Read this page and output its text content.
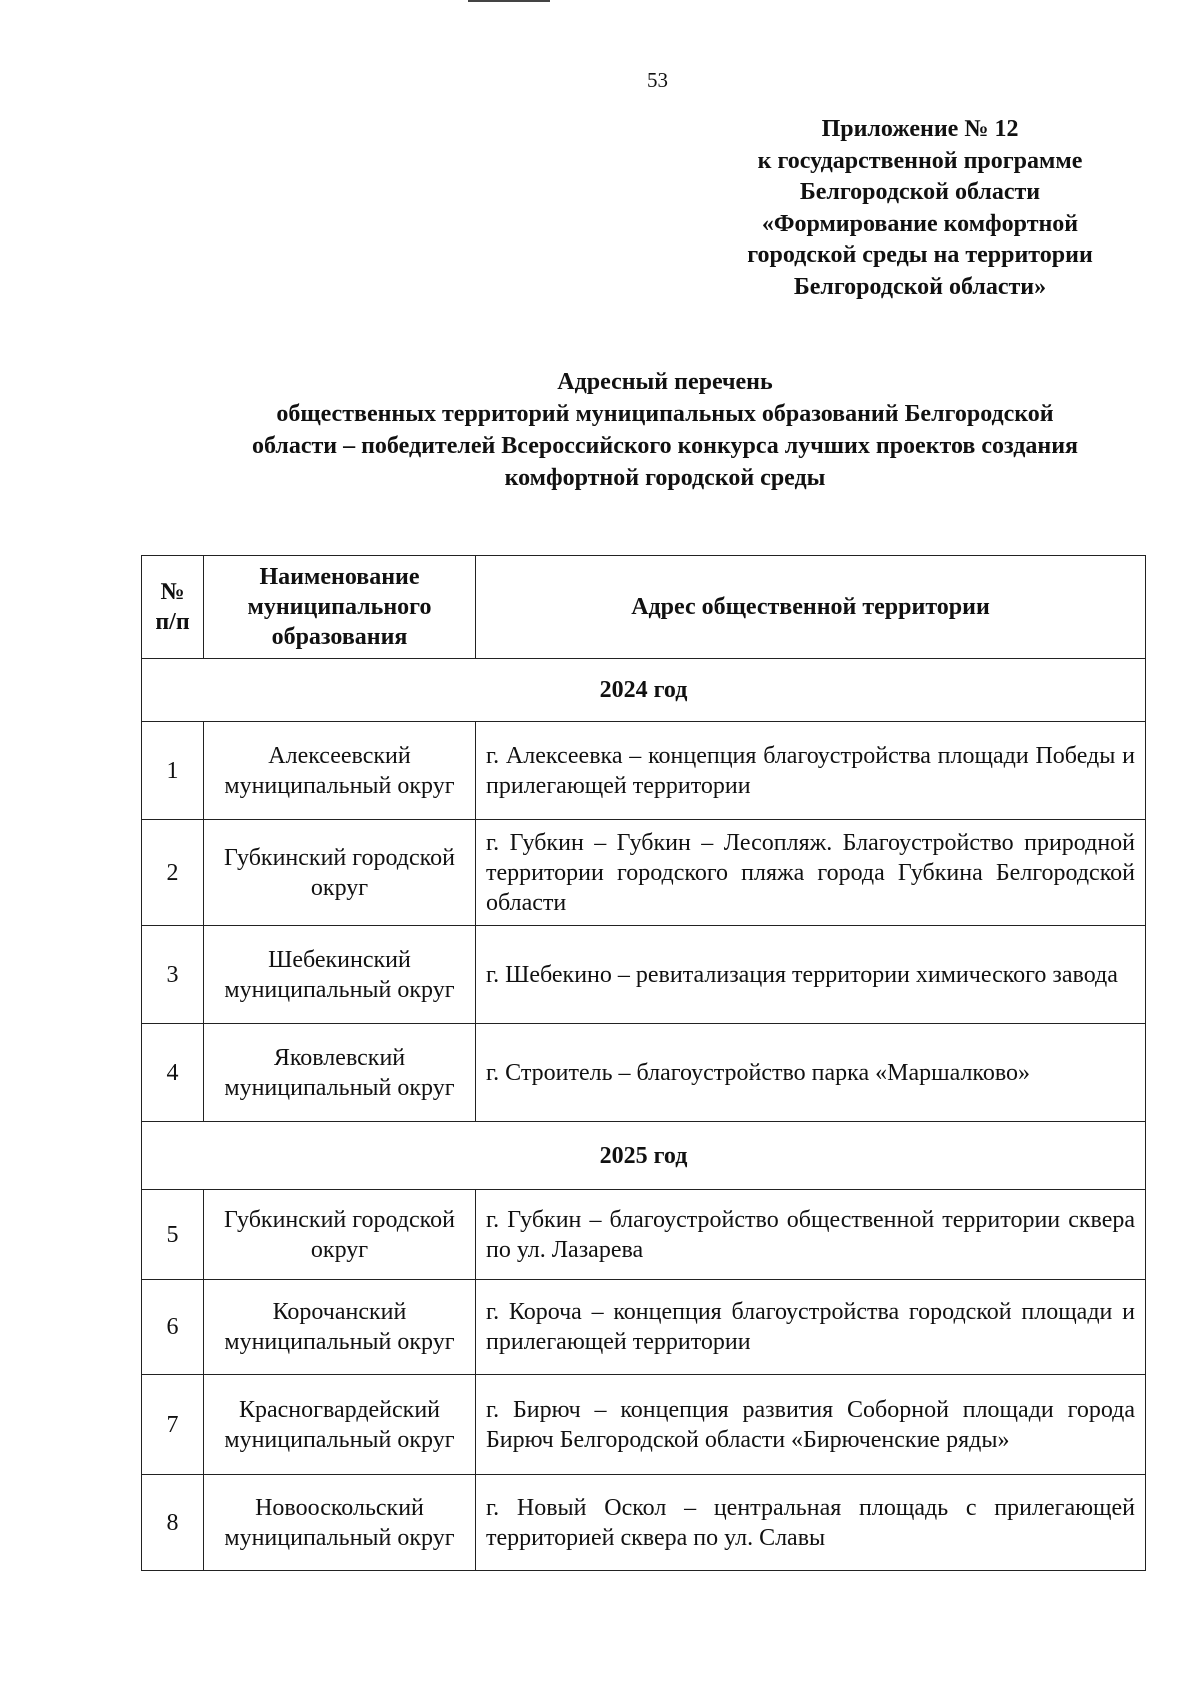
53
Приложение № 12
к государственной программе
Белгородской области
«Формирование комфортной
городской среды на территории
Белгородской области»
Адресный перечень
общественных территорий муниципальных образований Белгородской
области – победителей Всероссийского конкурса лучших проектов создания
комфортной городской среды
№ п/п	Наименование муниципального образования	Адрес общественной территории
2024 год		
1	Алексеевский муниципальный округ	г. Алексеевка – концепция благоустройства площади Победы и прилегающей территории
2	Губкинский городской округ	г. Губкин – Губкин – Лесопляж. Благоустройство природной территории городского пляжа города Губкина Белгородской области
3	Шебекинский муниципальный округ	г. Шебекино – ревитализация территории химического завода
4	Яковлевский муниципальный округ	г. Строитель – благоустройство парка «Маршалково»
2025 год		
5	Губкинский городской округ	г. Губкин – благоустройство общественной территории сквера по ул. Лазарева
6	Корочанский муниципальный округ	г. Короча – концепция благоустройства городской площади и прилегающей территории
7	Красногвардейский муниципальный округ	г. Бирюч – концепция развития Соборной площади города Бирюч Белгородской области «Бирюченские ряды»
8	Новооскольский муниципальный округ	г. Новый Оскол – центральная площадь с прилегающей территорией сквера по ул. Славы
